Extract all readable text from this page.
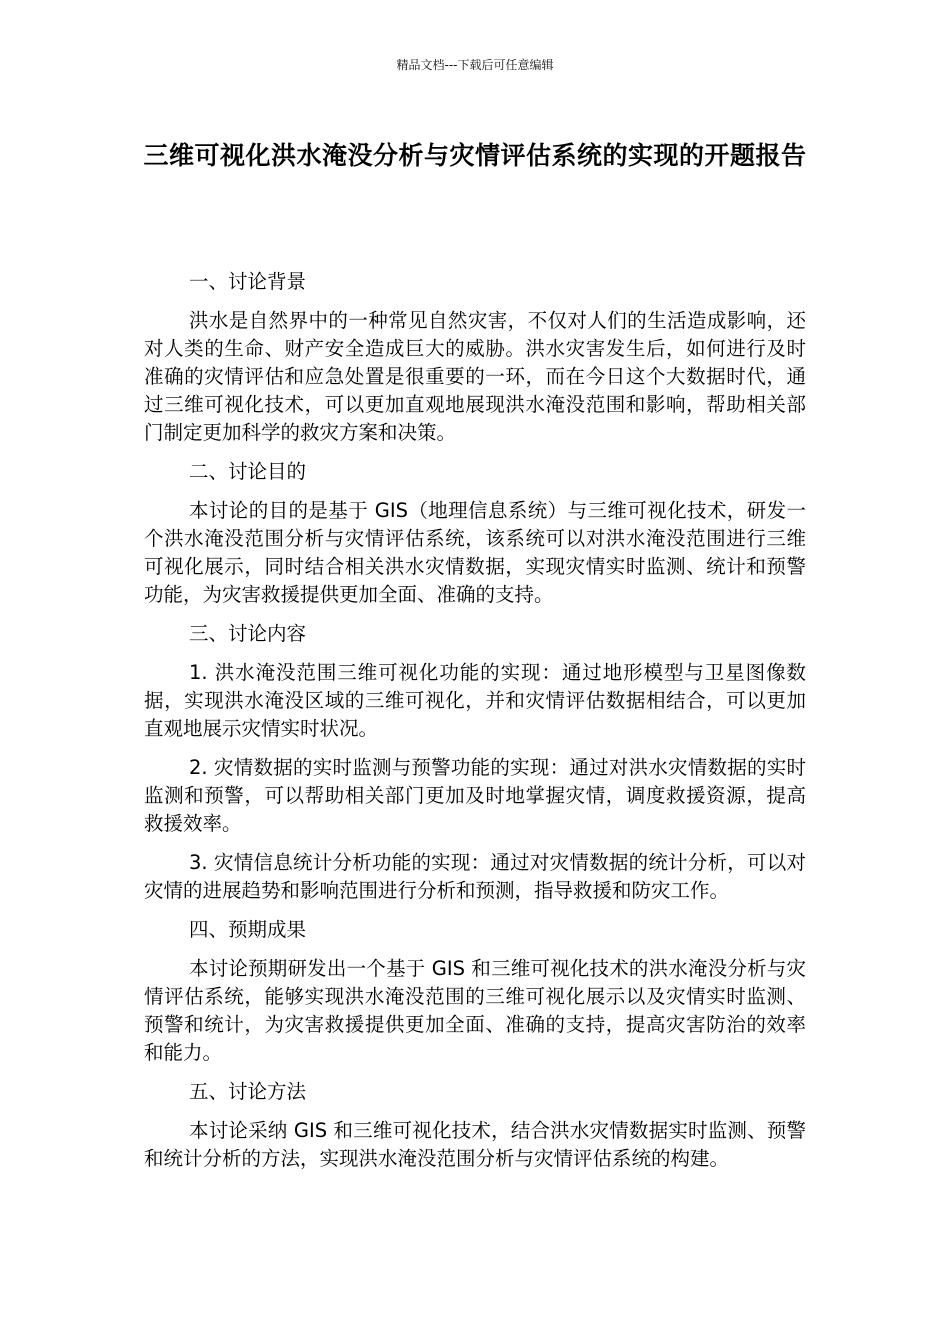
精品文档---下载后可任意编辑
三维可视化洪水淹没分析与灾情评估系统的实现的开题报告

一、讨论背景

洪水是自然界中的一种常见自然灾害，不仅对人们的生活造成影响，还对人类的生命、财产安全造成巨大的威胁。洪水灾害发生后，如何进行及时准确的灾情评估和应急处置是很重要的一环，而在今日这个大数据时代，通过三维可视化技术，可以更加直观地展现洪水淹没范围和影响，帮助相关部门制定更加科学的救灾方案和决策。

二、讨论目的

本讨论的目的是基于 GIS（地理信息系统）与三维可视化技术，研发一个洪水淹没范围分析与灾情评估系统，该系统可以对洪水淹没范围进行三维可视化展示，同时结合相关洪水灾情数据，实现灾情实时监测、统计和预警功能，为灾害救援提供更加全面、准确的支持。

三、讨论内容

1. 洪水淹没范围三维可视化功能的实现：通过地形模型与卫星图像数据，实现洪水淹没区域的三维可视化，并和灾情评估数据相结合，可以更加直观地展示灾情实时状况。

2. 灾情数据的实时监测与预警功能的实现：通过对洪水灾情数据的实时监测和预警，可以帮助相关部门更加及时地掌握灾情，调度救援资源，提高救援效率。

3. 灾情信息统计分析功能的实现：通过对灾情数据的统计分析，可以对灾情的进展趋势和影响范围进行分析和预测，指导救援和防灾工作。

四、预期成果

本讨论预期研发出一个基于 GIS 和三维可视化技术的洪水淹没分析与灾情评估系统，能够实现洪水淹没范围的三维可视化展示以及灾情实时监测、预警和统计，为灾害救援提供更加全面、准确的支持，提高灾害防治的效率和能力。

五、讨论方法

本讨论采纳 GIS 和三维可视化技术，结合洪水灾情数据实时监测、预警和统计分析的方法，实现洪水淹没范围分析与灾情评估系统的构建。
